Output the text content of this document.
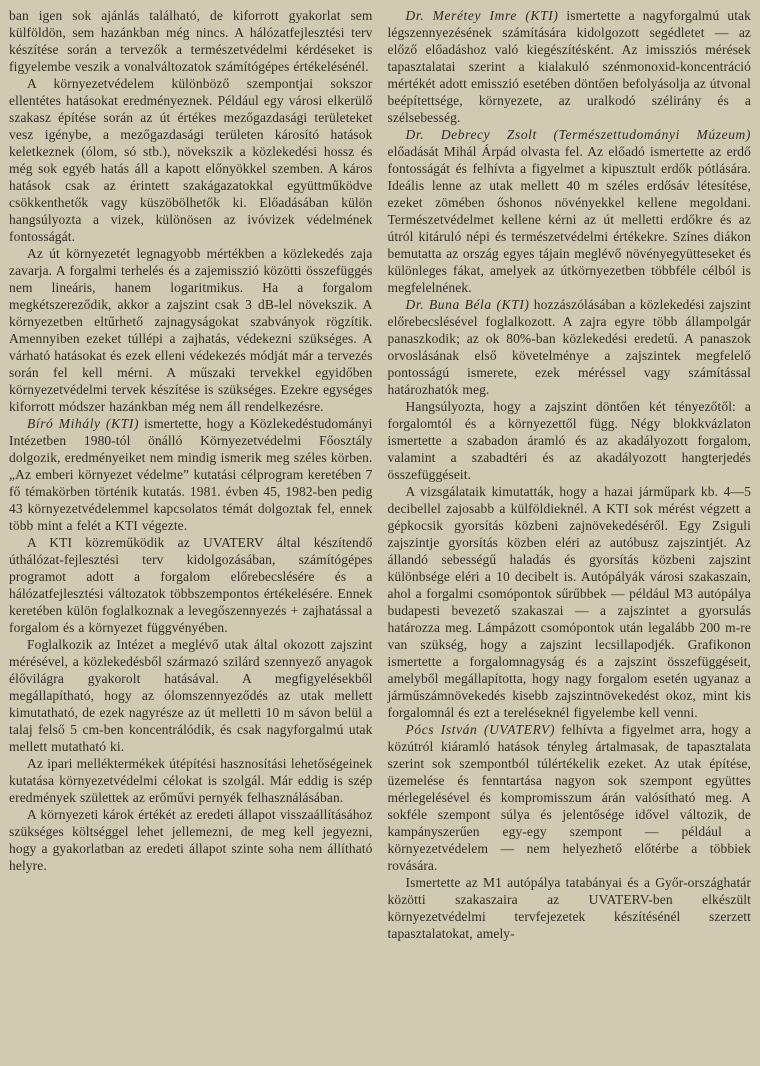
ban igen sok ajánlás található, de kiforrott gyakorlat sem külföldön, sem hazánkban még nincs. A hálózatfejlesztési terv készítése során a tervezők a természetvédelmi kérdéseket is figyelembe veszik a vonalváltozatok számítógépes értékelésénél.

A környezetvédelem különböző szempontjai sokszor ellentétes hatásokat eredményeznek. Például egy városi elkerülő szakasz építése során az út értékes mezőgazdasági területeket vesz igénybe, a mezőgazdasági területen károsító hatások keletkeznek (ólom, só stb.), növekszik a közlekedési hossz és még sok egyéb hatás áll a kapott előnyökkel szemben. A káros hatások csak az érintett szakágazatokkal együttműködve csökkenthetők vagy küszöbölhetők ki. Előadásában külön hangsúlyozta a vizek, különösen az ivóvizek védelmének fontosságát.

Az út környezetét legnagyobb mértékben a közlekedés zaja zavarja. A forgalmi terhelés és a zajemisszió közötti összefüggés nem lineáris, hanem logaritmikus. Ha a forgalom megkétszereződik, akkor a zajszint csak 3 dB-lel növekszik. A környezetben eltűrhető zajnagyságokat szabványok rögzítik. Amennyiben ezeket túllépi a zajhatás, védekezni szükséges. A várható hatásokat és ezek elleni védekezés módját már a tervezés során fel kell mérni. A műszaki tervekkel egyidőben környezetvédelmi tervek készítése is szükséges. Ezekre egységes kiforrott módszer hazánkban még nem áll rendelkezésre.

Bíró Mihály (KTI) ismertette, hogy a Közlekedéstudományi Intézetben 1980-tól önálló Környezetvédelmi Főosztály dolgozik, eredményeiket nem mindig ismerik meg széles körben. „Az emberi környezet védelme” kutatási célprogram keretében 7 fő témakörben történik kutatás. 1981. évben 45, 1982-ben pedig 43 környezetvédelemmel kapcsolatos témát dolgoztak fel, ennek több mint a felét a KTI végezte.

A KTI közreműködik az UVATERV által készítendő úthálózat-fejlesztési terv kidolgozásában, számítógépes programot adott a forgalom előrebecslésére és a hálózatfejlesztési változatok többszempontos értékelésére. Ennek keretében külön foglalkoznak a levegőszennyezés + zajhatással a forgalom és a környezet függvényében.

Foglalkozik az Intézet a meglévő utak által okozott zajszint mérésével, a közlekedésből származó szilárd szennyező anyagok élővilágra gyakorolt hatásával. A megfigyelésekből megállapítható, hogy az ólomszennyeződés az utak mellett kimutatható, de ezek nagyrésze az út melletti 10 m sávon belül a talaj felső 5 cm-ben koncentrálódik, és csak nagyforgalmú utak mellett mutatható ki.

Az ipari melléktermékek útépítési hasznosítási lehetőségeinek kutatása környezetvédelmi célokat is szolgál. Már eddig is szép eredmények születtek az erőművi pernyék felhasználásában.

A környezeti károk értékét az eredeti állapot visszaállításához szükséges költséggel lehet jellemezni, de meg kell jegyezni, hogy a gyakorlatban az eredeti állapot szinte soha nem állítható helyre.

Dr. Merétey Imre (KTI) ismertette a nagyforgalmú utak légszennyezésének számítására kidolgozott segédletet — az előző előadáshoz való kiegészítésként. Az imissziós mérések tapasztalatai szerint a kialakuló szénmonoxid-koncentráció mértékét adott emisszió esetében döntően befolyásolja az útvonal beépítettsége, környezete, az uralkodó szélirány és a szélsebesség.

Dr. Debrecy Zsolt (Természettudományi Múzeum) előadását Mihál Árpád olvasta fel. Az előadó ismertette az erdő fontosságát és felhívta a figyelmet a kipusztult erdők pótlására. Ideális lenne az utak mellett 40 m széles erdősáv létesítése, ezeket zömében őshonos növényekkel kellene megoldani. Természetvédelmet kellene kérni az út melletti erdőkre és az útról kitáruló népi és természetvédelmi értékekre. Színes diákon bemutatta az ország egyes tájain meglévő növényegyütteseket és különleges fákat, amelyek az útkörnyezetben többféle célból is megfelelnének.

Dr. Buna Béla (KTI) hozzászólásában a közlekedési zajszint előrebecslésével foglalkozott. A zajra egyre több állampolgár panaszkodik; az ok 80%-ban közlekedési eredetű. A panaszok orvoslásának első követelménye a zajszintek megfelelő pontosságú ismerete, ezek méréssel vagy számítással határozhatók meg.

Hangsúlyozta, hogy a zajszint döntően két tényezőtől: a forgalomtól és a környezettől függ. Négy blokkvázlaton ismertette a szabadon áramló és az akadályozott forgalom, valamint a szabadtéri és az akadályozott hangterjedés összefüggéseit.

A vizsgálataik kimutatták, hogy a hazai járműpark kb. 4—5 decibellel zajosabb a külföldieknél. A KTI sok mérést végzett a gépkocsik gyorsítás közbeni zajnövekedéséről. Egy Zsiguli zajszintje gyorsítás közben eléri az autóbusz zajszintjét. Az állandó sebességű haladás és gyorsítás közbeni zajszint különbsége eléri a 10 decibelt is. Autópályák városi szakaszain, ahol a forgalmi csomópontok sűrűbbek — például M3 autópálya budapesti bevezető szakaszai — a zajszintet a gyorsulás határozza meg. Lámpázott csomópontok után legalább 200 m-re van szükség, hogy a zajszint lecsillapodjék. Grafikonon ismertette a forgalomnagyság és a zajszint összefüggéseit, amelyből megállapította, hogy nagy forgalom esetén ugyanaz a járműszámnövekedés kisebb zajszintnövekedést okoz, mint kis forgalomnál és ezt a tereléseknél figyelembe kell venni.

Pócs István (UVATERV) felhívta a figyelmet arra, hogy a közútról kiáramló hatások tényleg ártalmasak, de tapasztalata szerint sok szempontból túlértékelik ezeket. Az utak építése, üzemelése és fenntartása nagyon sok szempont együttes mérlegelésével és kompromisszum árán valósítható meg. A sokféle szempont súlya és jelentősége idővel változik, de kampányszerűen egy-egy szempont — például a környezetvédelem — nem helyezhető előtérbe a többiek rovására.

Ismertette az M1 autópálya tatabányai és a Győr-országhatár közötti szakaszaira az UVATERV-ben elkészült környezetvédelmi tervfejezetek készítésénél szerzett tapasztalatokat, amely-
